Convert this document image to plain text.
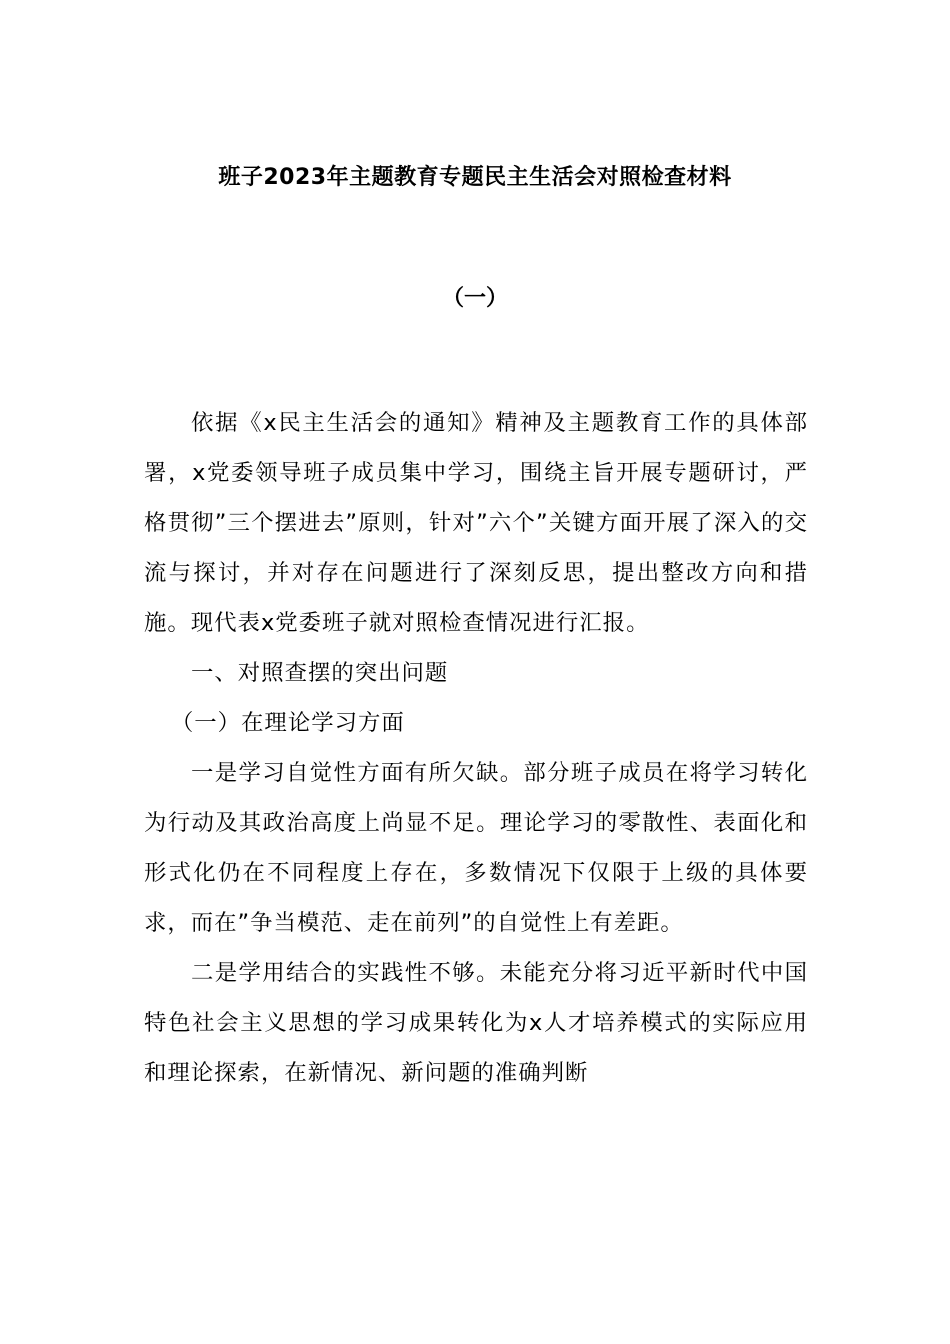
班子2023年主题教育专题民主生活会对照检查材料
（一）

依据《x民主生活会的通知》精神及主题教育工作的具体部署，x党委领导班子成员集中学习，围绕主旨开展专题研讨，严格贯彻”三个摆进去”原则，针对”六个”关键方面开展了深入的交流与探讨，并对存在问题进行了深刻反思，提出整改方向和措施。现代表x党委班子就对照检查情况进行汇报。

一、对照查摆的突出问题

（一）在理论学习方面

一是学习自觉性方面有所欠缺。部分班子成员在将学习转化为行动及其政治高度上尚显不足。理论学习的零散性、表面化和形式化仍在不同程度上存在，多数情况下仅限于上级的具体要求，而在”争当模范、走在前列”的自觉性上有差距。

二是学用结合的实践性不够。未能充分将习近平新时代中国特色社会主义思想的学习成果转化为x人才培养模式的实际应用和理论探索，在新情况、新问题的准确判断
